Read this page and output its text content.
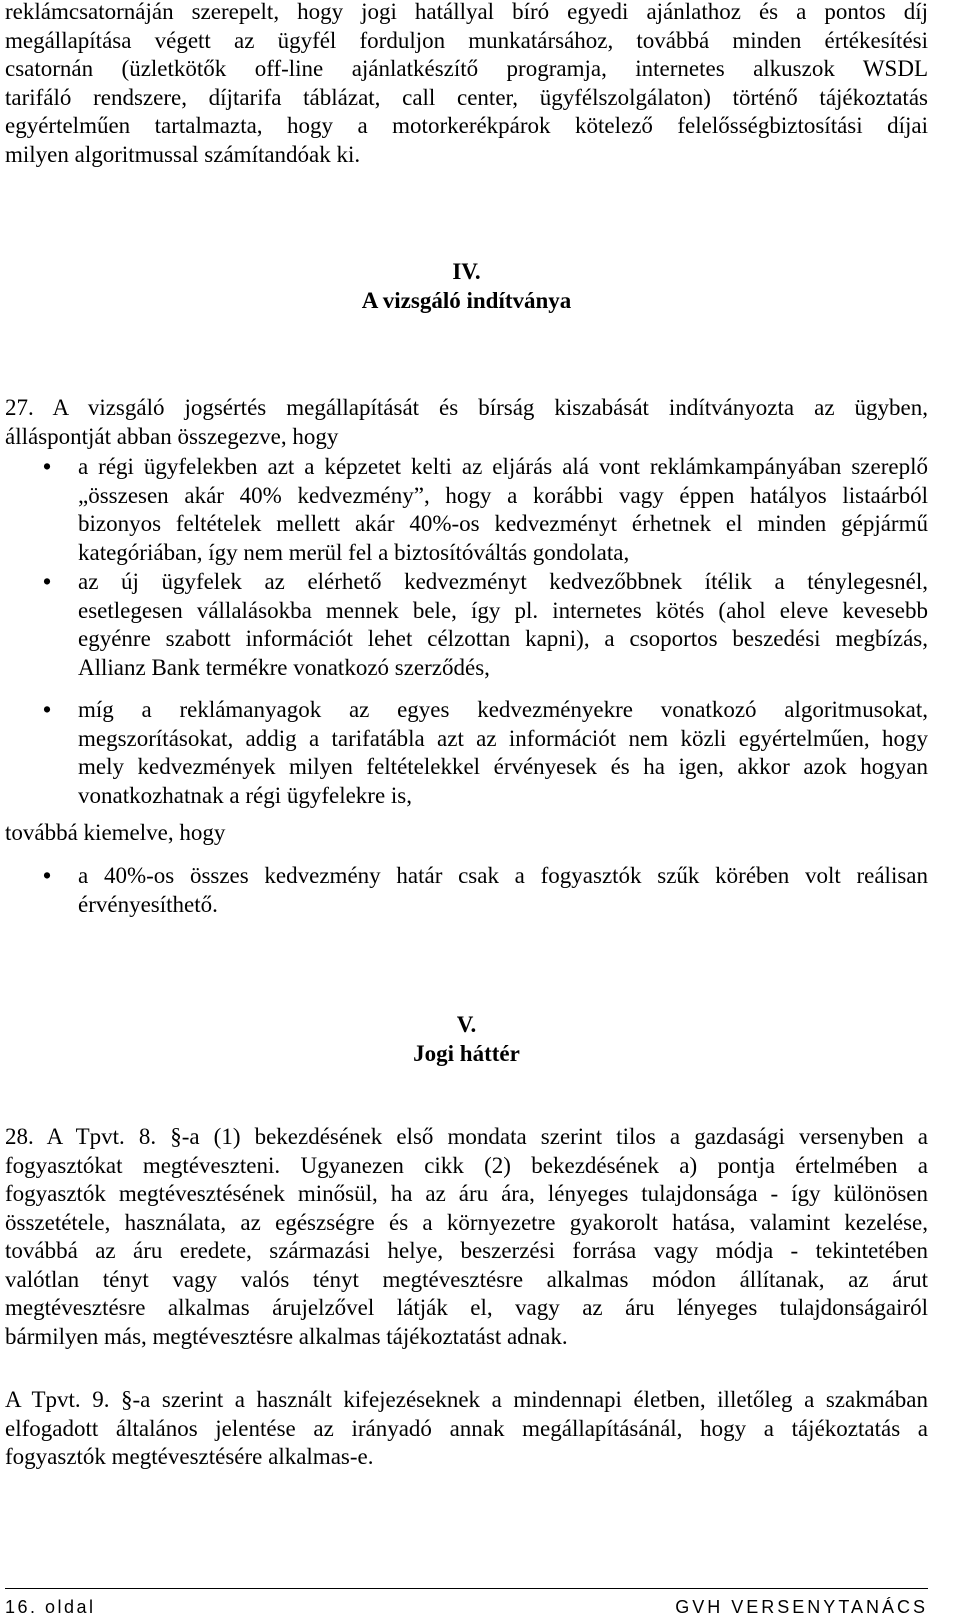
reklámcsatornáján szerepelt, hogy jogi hatállyal bíró egyedi ajánlathoz és a pontos díj
megállapítása végett az ügyfél forduljon munkatársához, továbbá minden értékesítési
csatornán (üzletkötők off-line ajánlatkészítő programja, internetes alkuszok WSDL
tarifáló rendszere, díjtarifa táblázat, call center, ügyfélszolgálaton) történő tájékoztatás
egyértelműen tartalmazta, hogy a motorkerékpárok kötelező felelősségbiztosítási díjai
milyen algoritmussal számítandóak ki.
IV.
A vizsgáló indítványa
27. A vizsgáló jogsértés megállapítását és bírság kiszabását indítványozta az ügyben,
álláspontját abban összegezve, hogy
• a régi ügyfelekben azt a képzetet kelti az eljárás alá vont reklámkampányában szereplő
„összesen akár 40% kedvezmény”, hogy a korábbi vagy éppen hatályos listaárból
bizonyos feltételek mellett akár 40%-os kedvezményt érhetnek el minden gépjármű
kategóriában, így nem merül fel a biztosítóváltás gondolata,
• az új ügyfelek az elérhető kedvezményt kedvezőbbnek ítélik a ténylegesnél,
esetlegesen vállalásokba mennek bele, így pl. internetes kötés (ahol eleve kevesebb
egyénre szabott információt lehet célzottan kapni), a csoportos beszedési megbízás,
Allianz Bank termékre vonatkozó szerződés,
• míg a reklámanyagok az egyes kedvezményekre vonatkozó algoritmusokat,
megszorításokat, addig a tarifatábla azt az információt nem közli egyértelműen, hogy
mely kedvezmények milyen feltételekkel érvényesek és ha igen, akkor azok hogyan
vonatkozhatnak a régi ügyfelekre is,
továbbá kiemelve, hogy
• a 40%-os összes kedvezmény határ csak a fogyasztók szűk körében volt reálisan
érvényesíthető.
V.
Jogi háttér
28. A Tpvt. 8. §-a (1) bekezdésének első mondata szerint tilos a gazdasági versenyben a
fogyasztókat megtéveszteni. Ugyanezen cikk (2) bekezdésének a) pontja értelmében a
fogyasztók megtévesztésének minősül, ha az áru ára, lényeges tulajdonsága - így különösen
összetétele, használata, az egészségre és a környezetre gyakorolt hatása, valamint kezelése,
továbbá az áru eredete, származási helye, beszerzési forrása vagy módja - tekintetében
valótlan tényt vagy valós tényt megtévesztésre alkalmas módon állítanak, az árut
megtévesztésre alkalmas árujelzővel látják el, vagy az áru lényeges tulajdonságairól
bármilyen más, megtévesztésre alkalmas tájékoztatást adnak.
A Tpvt. 9. §-a szerint a használt kifejezéseknek a mindennapi életben, illetőleg a szakmában
elfogadott általános jelentése az irányadó annak megállapításánál, hogy a tájékoztatás a
fogyasztók megtévesztésére alkalmas-e.
16. oldal	GVH VERSENYTANÁCS
